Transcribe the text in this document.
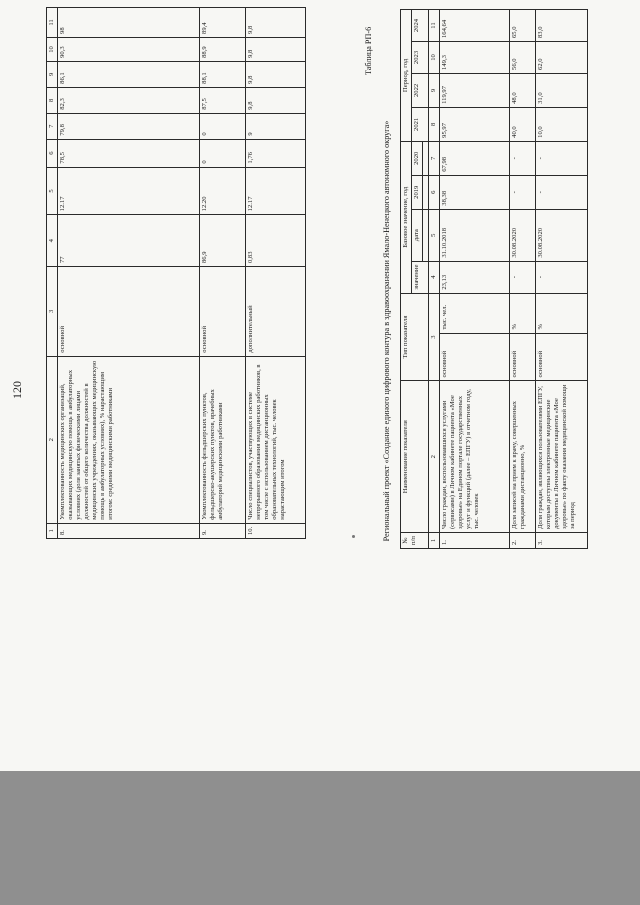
120
1	2	3	4	5	6	7	8	9	10	11
8.	Укомплектованность медицинских организаций, оказывающих медицинскую помощь в амбулаторных условиях (доля занятых физическими лицами должностей от общего количества должностей в медицинских учреждениях, оказывающих медицинскую помощь в амбулаторных условиях), % нарастающим итогом: средними медицинскими работниками	основной	77	12.17	78,5	79,8	82,3	86,1	90,3	98
9.	Укомплектованность фельдшерских пунктов, фельдшерско-акушерских пунктов, врачебных амбулаторий медицинскими работниками	основной	86,9	12.20	0	0	87,5	88,1	88,9	89,4
10.	Число специалистов, участвующих в системе непрерывного образования медицинских работников, в том числе с использованием дистанционных образовательных технологий, тыс. человек нарастающим итогом	дополнительный	0,83	12.17	1,76	9	9,8	9,8	9,8	9,8	Таблица РП-6
Региональный проект «Создание единого цифрового контура в здравоохранении Ямало-Ненецкого автономного округа» № п/п	Наименование показателя	Тип показателя		Базовое значение, год				Период, год			
				значение	дата	2019	2020	2021	2022	2023	2024

1	2	3		4	5	6	7	8	9	10	11
1.	Число граждан, воспользовавшихся услугами (сервисами) в Личном кабинете пациента «Мое здоровье» на Едином портале государственных услуг и функций (далее – ЕПГУ) в отчетном году, тыс. человек	основной	тыс. чел.	23,13	31.10.2018	38,38	67,98	95,97	119,97	149,3	164,64
2.	Доля записей на прием к врачу, совершенных гражданами дистанционно, %	основной	%	-	30.08.2020	-	-	40,0	48,0	56,0	65,0
3.	Доля граждан, являющихся пользователями ЕПГУ, которым доступны электронные медицинские документы в Личном кабинете пациента «Мое здоровье» по факту оказания медицинской помощи за период	основной	%	-	30.08.2020	-	-	10,0	31,0	62,0	83,0
